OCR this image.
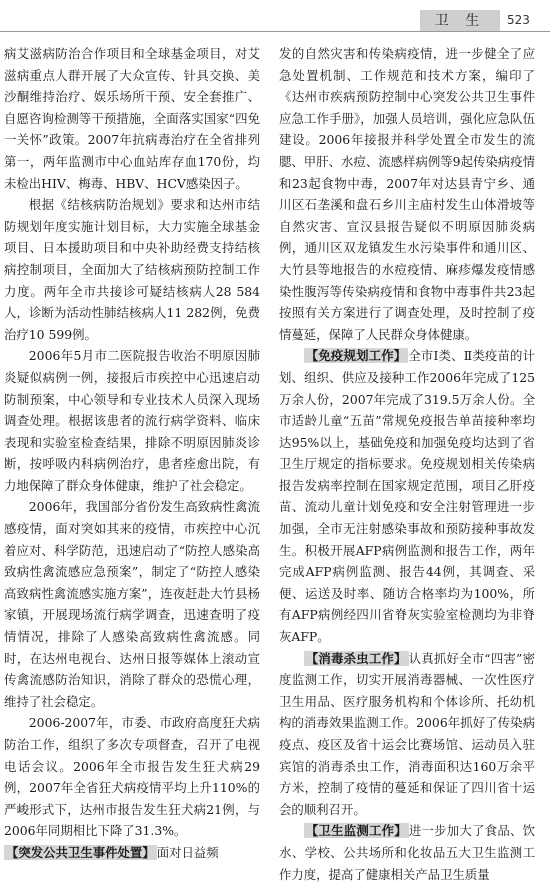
卫 生	523

病艾滋病防治合作项目和全球基金项目，对艾滋病重点人群开展了大众宣传、针具交换、美沙酮维持治疗、娱乐场所干预、安全套推广、自愿咨询检测等干预措施，全面落实国家“四免一关怀”政策。2007年抗病毒治疗在全省排列第一，两年监测市中心血站库存血170份，均未检出HIV、梅毒、HBV、HCV感染因子。

根据《结核病防治规划》要求和达州市结防规划年度实施计划目标，大力实施全球基金项目、日本援助项目和中央补助经费支持结核病控制项目，全面加大了结核病预防控制工作力度。两年全市共接诊可疑结核病人28 584人，诊断为活动性肺结核病人11 282例，免费治疗10 599例。

2006年5月市二医院报告收治不明原因肺炎疑似病例一例，接报后市疾控中心迅速启动防制预案，中心领导和专业技术人员深入现场调查处理。根据该患者的流行病学资料、临床表现和实验室检查结果，排除不明原因肺炎诊断，按呼吸内科病例治疗，患者痊愈出院，有力地保障了群众身体健康，维护了社会稳定。

2006年，我国部分省份发生高致病性禽流感疫情，面对突如其来的疫情，市疾控中心沉着应对、科学防范，迅速启动了“防控人感染高致病性禽流感应急预案”，制定了“防控人感染高致病性禽流感实施方案”，连夜赶赴大竹县杨家镇，开展现场流行病学调查，迅速查明了疫情情况，排除了人感染高致病性禽流感。同时，在达州电视台、达州日报等媒体上滚动宣传禽流感防治知识，消除了群众的恐慌心理，维持了社会稳定。

2006-2007年，市委、市政府高度狂犬病防治工作，组织了多次专项督查，召开了电视电话会议。2006年全市报告发生狂犬病29　例，2007年全省狂犬病疫情平均上升110%的严峻形式下，达州市报告发生狂犬病21例，与2006年同期相比下降了31.3%。

【突发公共卫生事件处置】 面对日益频

发的自然灾害和传染病疫情，进一步健全了应急处置机制、工作规范和技术方案，编印了《达州市疾病预防控制中心突发公共卫生事件应急工作手册》，加强人员培训，强化应急队伍建设。2006年接报并科学处置全市发生的流腮、甲肝、水痘、流感样病例等9起传染病疫情和23起食物中毒，2007年对达县青宁乡、通川区石垄溪和盘石乡川主庙村发生山体滑坡等自然灾害、宣汉县报告疑似不明原因肺炎病例，通川区双龙镇发生水污染事件和通川区、大竹县等地报告的水痘疫情、麻疹爆发疫情感染性腹泻等传染病疫情和食物中毒事件共23起按照有关方案进行了调查处理，及时控制了疫情蔓延，保障了人民群众身体健康。

【免疫规划工作】 全市Ⅰ类、Ⅱ类疫苗的计划、组织、供应及接种工作2006年完成了125万余人份，2007年完成了319.5万余人份。全市适龄儿童“五苗”常规免疫报告单苗接种率均达95%以上，基础免疫和加强免疫均达到了省卫生厅规定的指标要求。免疫规划相关传染病报告发病率控制在国家规定范围，项目乙肝疫苗、流动儿童计划免疫和安全注射管理进一步加强，全市无注射感染事故和预防接种事故发生。积极开展AFP病例监测和报告工作，两年完成AFP病例监测、报告44例，其调查、采便、运送及时率、随访合格率均为100%，所有AFP病例经四川省脊灰实验室检测均为非脊灰AFP。

【消毒杀虫工作】 认真抓好全市“四害”密度监测工作，切实开展消毒器械、一次性医疗卫生用品、医疗服务机构和个体诊所、托幼机构的消毒效果监测工作。2006年抓好了传染病疫点、疫区及省十运会比赛场馆、运动员入驻宾馆的消毒杀虫工作，消毒面积达160万余平方米，控制了疫情的蔓延和保证了四川省十运会的顺利召开。

【卫生监测工作】 进一步加大了食品、饮水、学校、公共场所和化妆品五大卫生监测工作力度，提高了健康相关产品卫生质量
